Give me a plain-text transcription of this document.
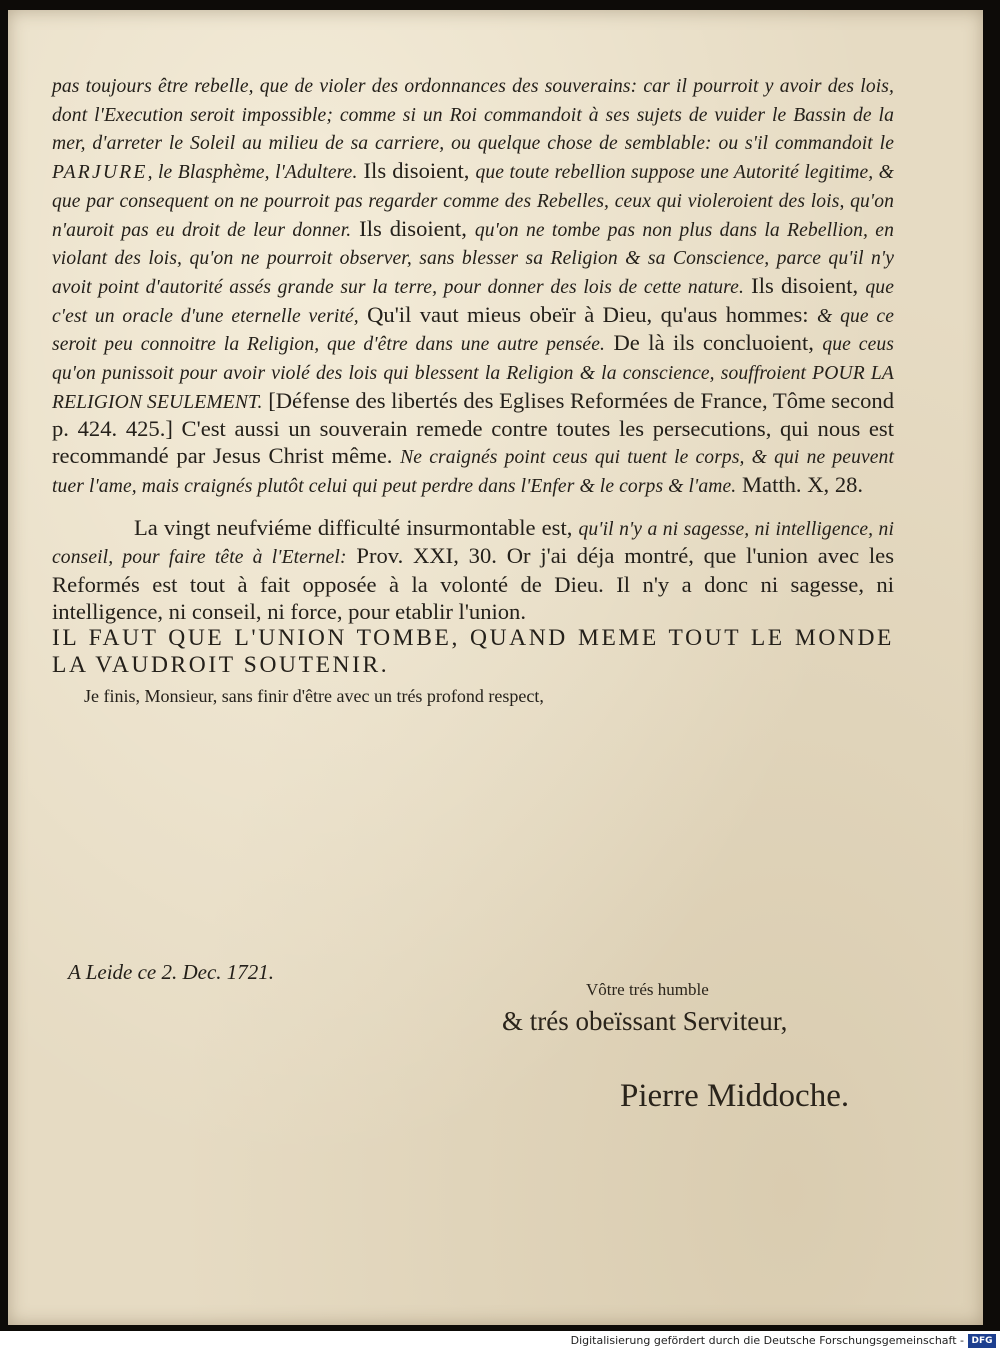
pas toujours être rebelle, que de violer des ordonnances des souverains: car il pourroit y avoir des lois, dont l'Execution seroit impossible; comme si un Roi commandoit à ses sujets de vuider le Bassin de la mer, d'arreter le Soleil au milieu de sa carriere, ou quelque chose de semblable: ou s'il commandoit le PARJURE, le Blasphème, l'Adultere. Ils disoient, que toute rebellion suppose une Autorité legitime, & que par consequent on ne pourroit pas regarder comme des Rebelles, ceux qui violeroient des lois, qu'on n'auroit pas eu droit de leur donner. Ils disoient, qu'on ne tombe pas non plus dans la Rebellion, en violant des lois, qu'on ne pourroit observer, sans blesser sa Religion & sa Conscience, parce qu'il n'y avoit point d'autorité assés grande sur la terre, pour donner des lois de cette nature. Ils disoient, que c'est un oracle d'une eternelle verité, Qu'il vaut mieus obeïr à Dieu, qu'aus hommes: & que ce seroit peu connoitre la Religion, que d'être dans une autre pensée. De là ils concluoient, que ceus qu'on punissoit pour avoir violé des lois qui blessent la Religion & la conscience, souffroient POUR LA RELIGION SEULEMENT. [Défense des libertés des Eglises Reformées de France, Tôme second p. 424. 425.] C'est aussi un souverain remede contre toutes les persecutions, qui nous est recommandé par Jesus Christ même. Ne craignés point ceus qui tuent le corps, & qui ne peuvent tuer l'ame, mais craignés plutôt celui qui peut perdre dans l'Enfer & le corps & l'ame. Matth. X, 28.

La vingt neufviéme difficulté insurmontable est, qu'il n'y a ni sagesse, ni intelligence, ni conseil, pour faire tête à l'Eternel: Prov. XXI, 30. Or j'ai déja montré, que l'union avec les Reformés est tout à fait opposée à la volonté de Dieu. Il n'y a donc ni sagesse, ni intelligence, ni conseil, ni force, pour etablir l'union.

IL FAUT QUE L'UNION TOMBE, QUAND MEME TOUT LE MONDE LA VAUDROIT SOUTENIR.

Je finis, Monsieur, sans finir d'être avec un trés profond respect,

A Leide ce 2. Dec. 1721.
Vôtre trés humble
& trés obeïssant Serviteur,
Pierre Middoche.
Digitalisierung gefördert durch die Deutsche Forschungsgemeinschaft - DFG
